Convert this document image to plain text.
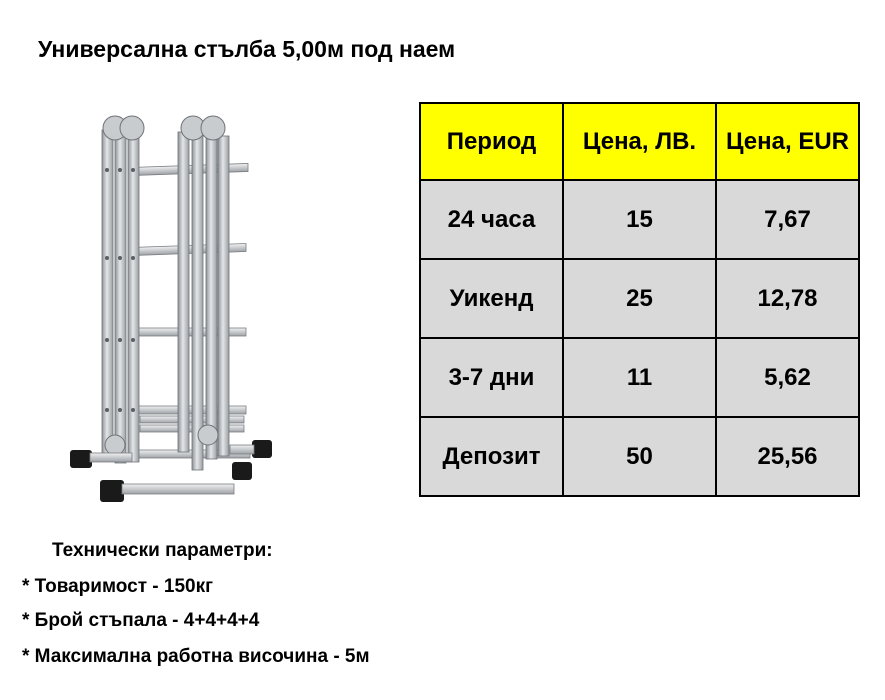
Универсална стълба 5,00м под наем
Период	Цена, ЛВ.	Цена, EUR
24 часа	15	7,67
Уикенд	25	12,78
3-7 дни	11	5,62
Депозит	50	25,56
Технически параметри:
* Товаримост - 150кг
* Брой стъпала - 4+4+4+4
* Максимална работна височина - 5м
